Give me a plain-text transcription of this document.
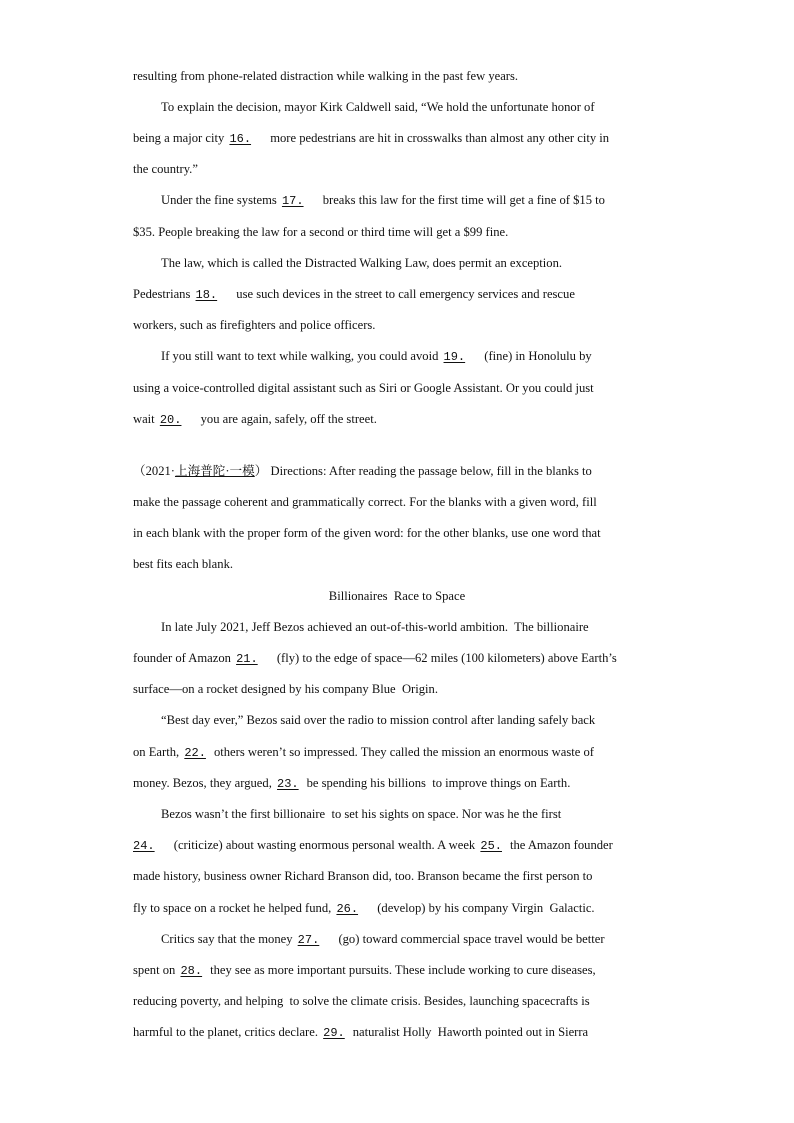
resulting from phone-related distraction while walking in the past few years.
To explain the decision, mayor Kirk Caldwell said, “We hold the unfortunate honor of
being a major city 16. more pedestrians are hit in crosswalks than almost any other city in
the country.”
Under the fine systems 17. breaks this law for the first time will get a fine of $15 to
$35. People breaking the law for a second or third time will get a $99 fine.
The law, which is called the Distracted Walking Law, does permit an exception.
Pedestrians 18. use such devices in the street to call emergency services and rescue
workers, such as firefighters and police officers.
If you still want to text while walking, you could avoid 19. (fine) in Honolulu by
using a voice-controlled digital assistant such as Siri or Google Assistant. Or you could just
wait 20. you are again, safely, off the street.
（2021·上海普陀·一模） Directions: After reading the passage below, fill in the blanks to
make the passage coherent and grammatically correct. For the blanks with a given word, fill
in each blank with the proper form of the given word: for the other blanks, use one word that
best fits each blank.
Billionaires  Race to Space
In late July 2021, Jeff Bezos achieved an out-of-this-world ambition.  The billionaire
founder of Amazon 21. (fly) to the edge of space—62 miles (100 kilometers) above Earth’s
surface—on a rocket designed by his company Blue  Origin.
“Best day ever,” Bezos said over the radio to mission control after landing safely back
on Earth, 22. others weren’t so impressed. They called the mission an enormous waste of
money. Bezos, they argued, 23. be spending his billions  to improve things on Earth.
Bezos wasn’t the first billionaire  to set his sights on space. Nor was he the first
24. (criticize) about wasting enormous personal wealth. A week 25. the Amazon founder
made history, business owner Richard Branson did, too. Branson became the first person to
fly to space on a rocket he helped fund, 26. (develop) by his company Virgin  Galactic.
Critics say that the money 27. (go) toward commercial space travel would be better
spent on 28. they see as more important pursuits. These include working to cure diseases,
reducing poverty, and helping  to solve the climate crisis. Besides, launching spacecrafts is
harmful to the planet, critics declare. 29. naturalist Holly  Haworth pointed out in Sierra
